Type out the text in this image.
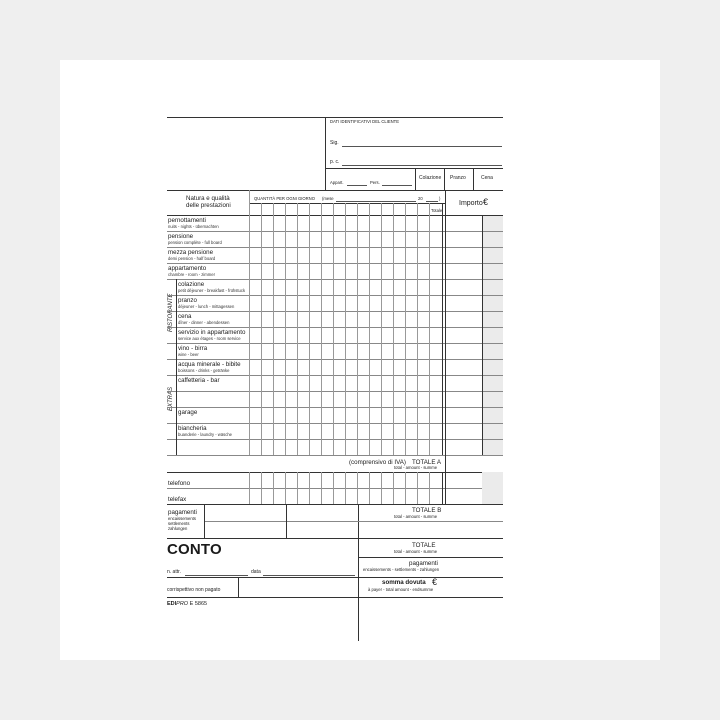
DATI IDENTIFICATIVI DEL CLIENTE
Sig.
p. c.
Appart.	Pers.
Colazione Pranzo	Cena
Natura e qualità
delle prestazioni
QUANTITÀ PER OGNI GIORNO (mese	20	)
Totale
Importo €
RISTORANTE
EXTRAS
(comprensivo di IVA) TOTALE A
total - amount - summe
telefono
telefax
pagamenti
encaissements
settlements
zahlungen
TOTALE B
total - amount - summe
CONTO	TOTALE
total - amount - summe
n. attr.	data
pagamenti
encaissements - settlements - zahlungen
corrispettivo non pagato
somma dovuta €
à payer - total amount - endsumme
EDIPRO E 5865
pernottamenti
nuits - nights - übernachten
pensione
pension complète - full board
mezza pensione
demi pension - half board
appartamento
chambre - room - zimmer
colazione
petit déjeuner - breakfast - frühstuck
pranzo
déjeuner - lunch - mittagessen
cena
dîner - dinner - abendessen
servizio in appartamento
service aux étages - room service
vino - birra
wine - beer
acqua minerale - bibite
boissons - drinks - getränke
caffetteria - bar
garage
biancheria
buanderie - laundry - wäsche
